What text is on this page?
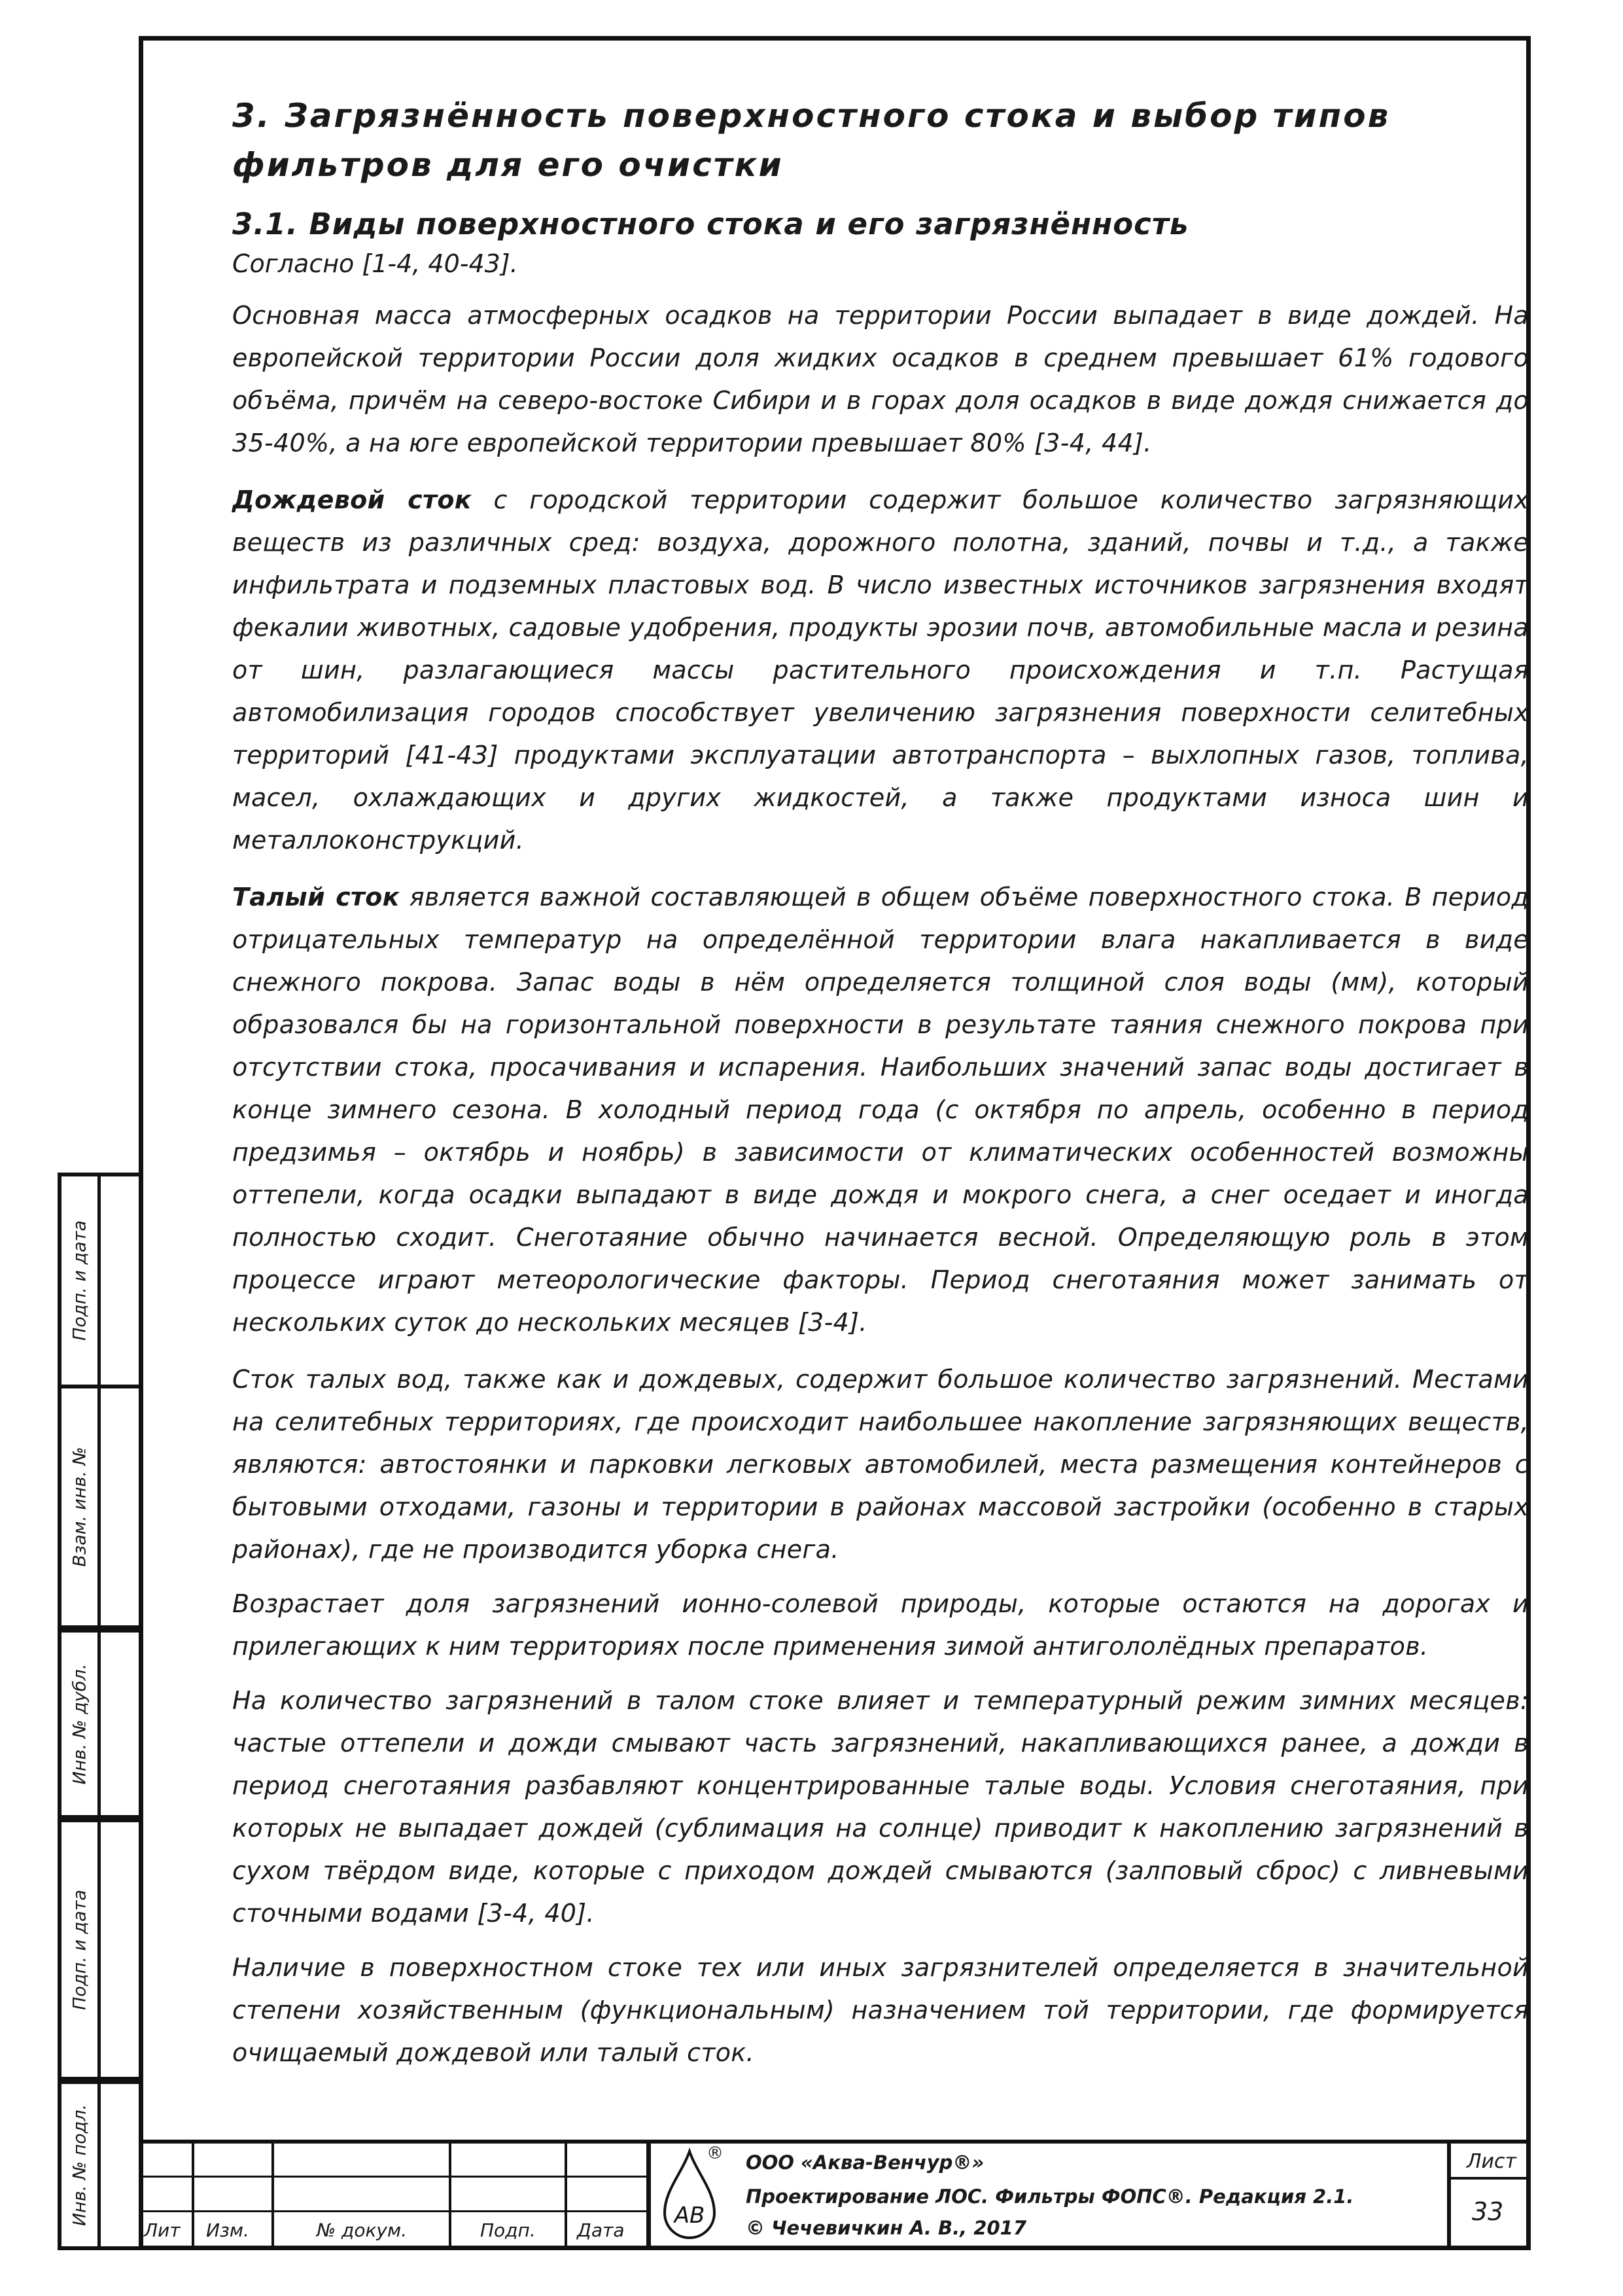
Подп. и дата
Взам. инв. №
Инв. № дубл.
Подп. и дата
Инв. № подл.
3. Загрязнённость поверхностного стока и выбор типов фильтров для его очистки
3.1. Виды поверхностного стока и его загрязнённость
Согласно [1-4, 40-43].

Основная масса атмосферных осадков на территории России выпадает в виде дождей. На европейской территории России доля жидких осадков в среднем превышает 61% годового объёма, причём на северо-востоке Сибири и в горах доля осадков в виде дождя снижается до 35-40%, а на юге европейской территории превышает 80% [3-4, 44].

Дождевой сток с городской территории содержит большое количество загрязняющих веществ из различных сред: воздуха, дорожного полотна, зданий, почвы и т.д., а также инфильтрата и подземных пластовых вод. В число известных источников загрязнения входят фекалии животных, садовые удобрения, продукты эрозии почв, автомобильные масла и резина от шин, разлагающиеся массы растительного происхождения и т.п. Растущая автомобилизация городов способствует увеличению загрязнения поверхности селитебных территорий [41-43] продуктами эксплуатации автотранспорта – выхлопных газов, топлива, масел, охлаждающих и других жидкостей, а также продуктами износа шин и металлоконструкций.

Талый сток является важной составляющей в общем объёме поверхностного стока. В период отрицательных температур на определённой территории влага накапливается в виде снежного покрова. Запас воды в нём определяется толщиной слоя воды (мм), который образовался бы на горизонтальной поверхности в результате таяния снежного покрова при отсутствии стока, просачивания и испарения. Наибольших значений запас воды достигает в конце зимнего сезона. В холодный период года (с октября по апрель, особенно в период предзимья – октябрь и ноябрь) в зависимости от климатических особенностей возможны оттепели, когда осадки выпадают в виде дождя и мокрого снега, а снег оседает и иногда полностью сходит. Снеготаяние обычно начинается весной. Определяющую роль в этом процессе играют метеорологические факторы. Период снеготаяния может занимать от нескольких суток до нескольких месяцев [3-4].

Сток талых вод, также как и дождевых, содержит большое количество загрязнений. Местами на селитебных территориях, где происходит наибольшее накопление загрязняющих веществ, являются: автостоянки и парковки легковых автомобилей, места размещения контейнеров с бытовыми отходами, газоны и территории в районах массовой застройки (особенно в старых районах), где не производится уборка снега.

Возрастает доля загрязнений ионно-солевой природы, которые остаются на дорогах и прилегающих к ним территориях после применения зимой антигололёдных препаратов.

На количество загрязнений в талом стоке влияет и температурный режим зимних месяцев: частые оттепели и дожди смывают часть загрязнений, накапливающихся ранее, а дожди в период снеготаяния разбавляют концентрированные талые воды. Условия снеготаяния, при которых не выпадает дождей (сублимация на солнце) приводит к накоплению загрязнений в сухом твёрдом виде, которые с приходом дождей смываются (залповый сброс) с ливневыми сточными водами [3-4, 40].

Наличие в поверхностном стоке тех или иных загрязнителей определяется в значительной степени хозяйственным (функциональным) назначением той территории, где формируется очищаемый дождевой или талый сток.

Лит Изм.	№ докум.	Подп. Дата
АВ
® ООО «Аква-Венчур®»
Проектирование ЛОС. Фильтры ФОПС®. Редакция 2.1.
© Чечевичкин А. В., 2017
Лист
33
